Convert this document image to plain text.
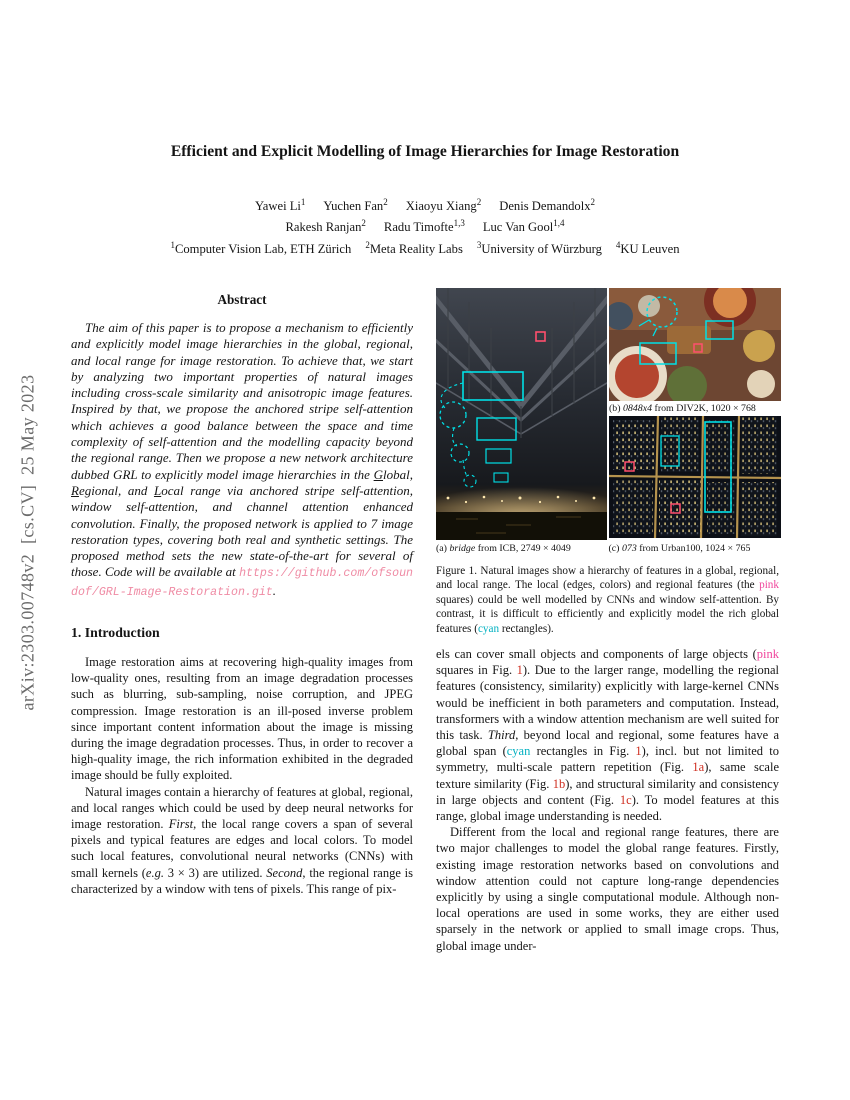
arXiv:2303.00748v2  [cs.CV]  25 May 2023
Efficient and Explicit Modelling of Image Hierarchies for Image Restoration
Yawei Li$^1$ Yuchen Fan$^2$ Xiaoyu Xiang$^2$ Denis Demandolx$^2$
Rakesh Ranjan$^2$ Radu Timofte$^{1,3}$ Luc Van Gool$^{1,4}$
$^1$Computer Vision Lab, ETH Zürich $^2$Meta Reality Labs $^3$University of Würzburg $^4$KU Leuven
Abstract

The aim of this paper is to propose a mechanism to efficiently and explicitly model image hierarchies in the global, regional, and local range for image restoration. To achieve that, we start by analyzing two important properties of natural images including cross-scale similarity and anisotropic image features. Inspired by that, we propose the anchored stripe self-attention which achieves a good balance between the space and time complexity of self-attention and the modelling capacity beyond the regional range. Then we propose a new network architecture dubbed GRL to explicitly model image hierarchies in the Global, Regional, and Local range via anchored stripe self-attention, window self-attention, and channel attention enhanced convolution. Finally, the proposed network is applied to 7 image restoration types, covering both real and synthetic settings. The proposed method sets the new state-of-the-art for several of those. Code will be available at https://github.com/ofsoundof/GRL-Image-Restoration.git.

1. Introduction

Image restoration aims at recovering high-quality images from low-quality ones, resulting from an image degradation processes such as blurring, sub-sampling, noise corruption, and JPEG compression. Image restoration is an ill-posed inverse problem since important content information about the image is missing during the image degradation processes. Thus, in order to recover a high-quality image, the rich information exhibited in the degraded image should be fully exploited.

Natural images contain a hierarchy of features at global, regional, and local ranges which could be used by deep neural networks for image restoration. First, the local range covers a span of several pixels and typical features are edges and local colors. To model such local features, convolutional neural networks (CNNs) with small kernels (e.g. 3 × 3) are utilized. Second, the regional range is characterized by a window with tens of pixels. This range of pix-

(b) 0848x4 from DIV2K, 1020 × 768
(a) bridge from ICB, 2749 × 4049	(c) 073 from Urban100, 1024 × 765
Figure 1. Natural images show a hierarchy of features in a global, regional, and local range. The local (edges, colors) and regional features (the pink squares) could be well modelled by CNNs and window self-attention. By contrast, it is difficult to efficiently and explicitly model the rich global features (cyan rectangles).

els can cover small objects and components of large objects (pink squares in Fig. 1). Due to the larger range, modelling the regional features (consistency, similarity) explicitly with large-kernel CNNs would be inefficient in both parameters and computation. Instead, transformers with a window attention mechanism are well suited for this task. Third, beyond local and regional, some features have a global span (cyan rectangles in Fig. 1), incl. but not limited to symmetry, multi-scale pattern repetition (Fig. 1a), same scale texture similarity (Fig. 1b), and structural similarity and consistency in large objects and content (Fig. 1c). To model features at this range, global image understanding is needed.

Different from the local and regional range features, there are two major challenges to model the global range features. Firstly, existing image restoration networks based on convolutions and window attention could not capture long-range dependencies explicitly by using a single computational module. Although non-local operations are used in some works, they are either used sparsely in the network or applied to small image crops. Thus, global image under-
